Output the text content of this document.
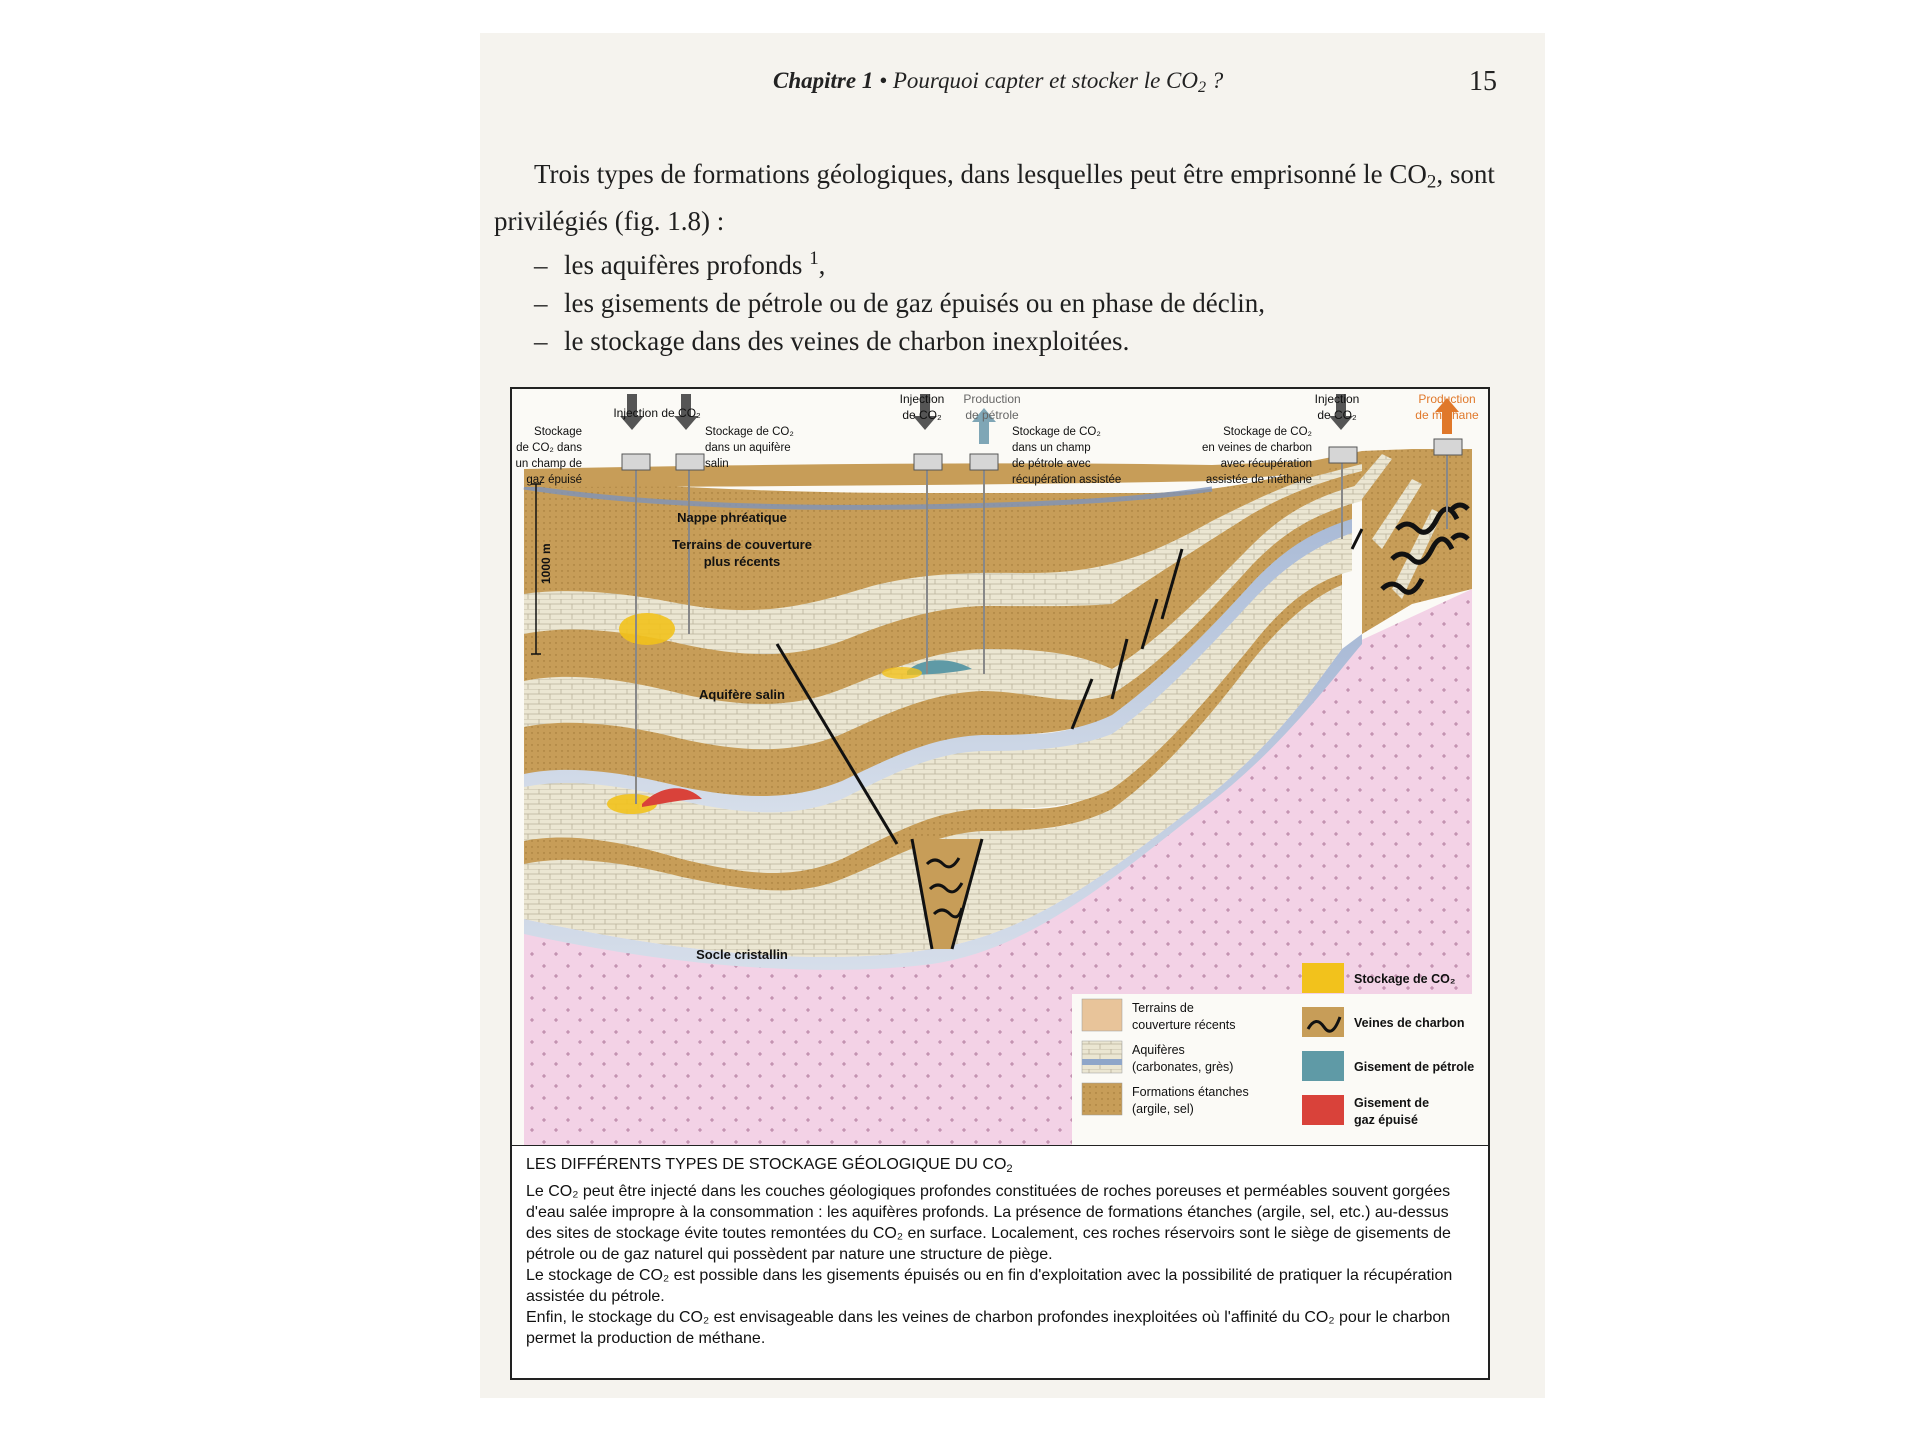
Chapitre 1 • Pourquoi capter et stocker le $CO_2$ ?	15

Trois types de formations géologiques, dans lesquelles peut être emprisonné le $CO_2$, sont privilégiés (fig. 1.8) :

– les aquifères profonds $^1$,
– les gisements de pétrole ou de gaz épuisés ou en phase de déclin,
– le stockage dans des veines de charbon inexploitées.
Nappe phréatique
Terrains de couverture
plus récents
1000 m
Aquifère salin
Socle cristallin
Injection de CO₂
Stockage
de CO₂ dans
un champ de
gaz épuisé
Stockage de CO₂
dans un aquifère
salin
Injection
de CO₂
Production
de pétrole
Stockage de CO₂
dans un champ
de pétrole avec
récupération assistée
Stockage de CO₂
en veines de charbon
avec récupération
assistée de méthane
Injection
de CO₂
Production
de méthane
Terrains de
couverture récents
Aquifères
(carbonates, grès)
Formations étanches
(argile, sel)
Stockage de CO₂
Veines de charbon
Gisement de pétrole
Gisement de
gaz épuisé
LES DIFFÉRENTS TYPES DE STOCKAGE GÉOLOGIQUE DU $CO_2$

Le CO₂ peut être injecté dans les couches géologiques profondes constituées de roches poreuses et perméables souvent gorgées d'eau salée impropre à la consommation : les aquifères profonds. La présence de formations étanches (argile, sel, etc.) au-dessus des sites de stockage évite toutes remontées du CO₂ en surface. Localement, ces roches réservoirs sont le siège de gisements de pétrole ou de gaz naturel qui possèdent par nature une structure de piège.

Le stockage de CO₂ est possible dans les gisements épuisés ou en fin d'exploitation avec la possibilité de pratiquer la récupération assistée du pétrole.

Enfin, le stockage du CO₂ est envisageable dans les veines de charbon profondes inexploitées où l'affinité du CO₂ pour le charbon permet la production de méthane.
